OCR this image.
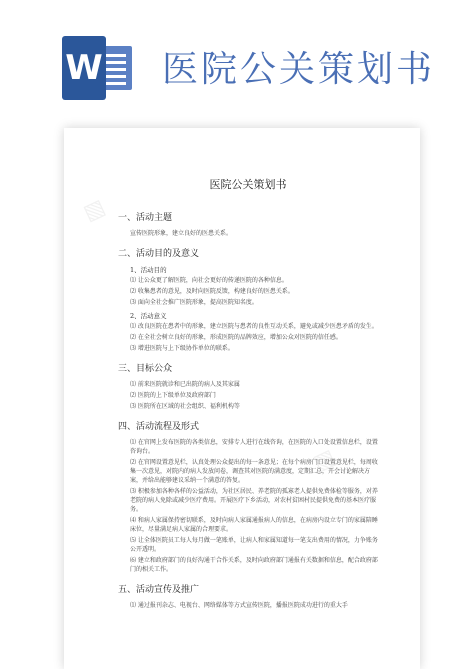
W 医院公关策划书
▧
▧
医院公关策划书
一、活动主题
宣传医院形象，建立良好的医患关系。
二、活动目的及意义
1、活动目的
⑴ 让公众更了解医院，向社会更好的传递医院的各种信息。
⑵ 收集患者的意见，及时向医院反馈，构建良好的医患关系。
⑶ 面向全社会推广医院形象，提高医院知名度。
2、活动意义
⑴ 改良医院在患者中的形象，建立医院与患者的良性互动关系，避免或减少医患矛盾的发生。
⑵ 在全社会树立良好的形象，形成医院的品牌效应，增加公众对医院的信任感。
⑶ 增进医院与上下级协作单位的联系。
三、目标公众
⑴ 前来医院就诊和已出院的病人及其家属
⑵ 医院的上下级单位及政府部门
⑶ 医院所在区域的社会组织、福利机构等
四、活动流程及形式
⑴ 在官网上发布医院的各类信息，安排专人进行在线咨询，在医院的入口处设置信息栏，设置咨询台。
⑵ 在官网设置意见栏，认真处理公众提出的每一条意见；在每个病房门口设置意见栏，每周收集一次意见，对院内的病人发放问卷，调查其对医院的满意度，定期汇总，开会讨论解决方案，并给出能够建议采纳一个满意的答复。
⑶ 积极参加各种各样的公益活动，为社区居民、养老院的孤寡老人提供免费体检等服务，对养老院的病人免除或减少医疗费用。开展医疗下乡活动，对农村贫困村民提供免费的基本医疗服务。
⑷ 和病人家属保持密切联系，及时向病人家属通报病人的信息，在病房内设立专门的家属陪睡床位，尽量满足病人家属的合理要求。
⑸ 让全体医院员工每人每月做一笔账单，让病人和家属知道每一笔支出费用的情况，力争账务公开透明。
⑹ 建立和政府部门的良好沟通干合作关系，及时向政府部门通报有关数据和信息，配合政府部门的相关工作。
五、活动宣传及推广
⑴ 通过报刊杂志、电视台、网络媒体等方式宣传医院，播报医院成功进行的重大手
